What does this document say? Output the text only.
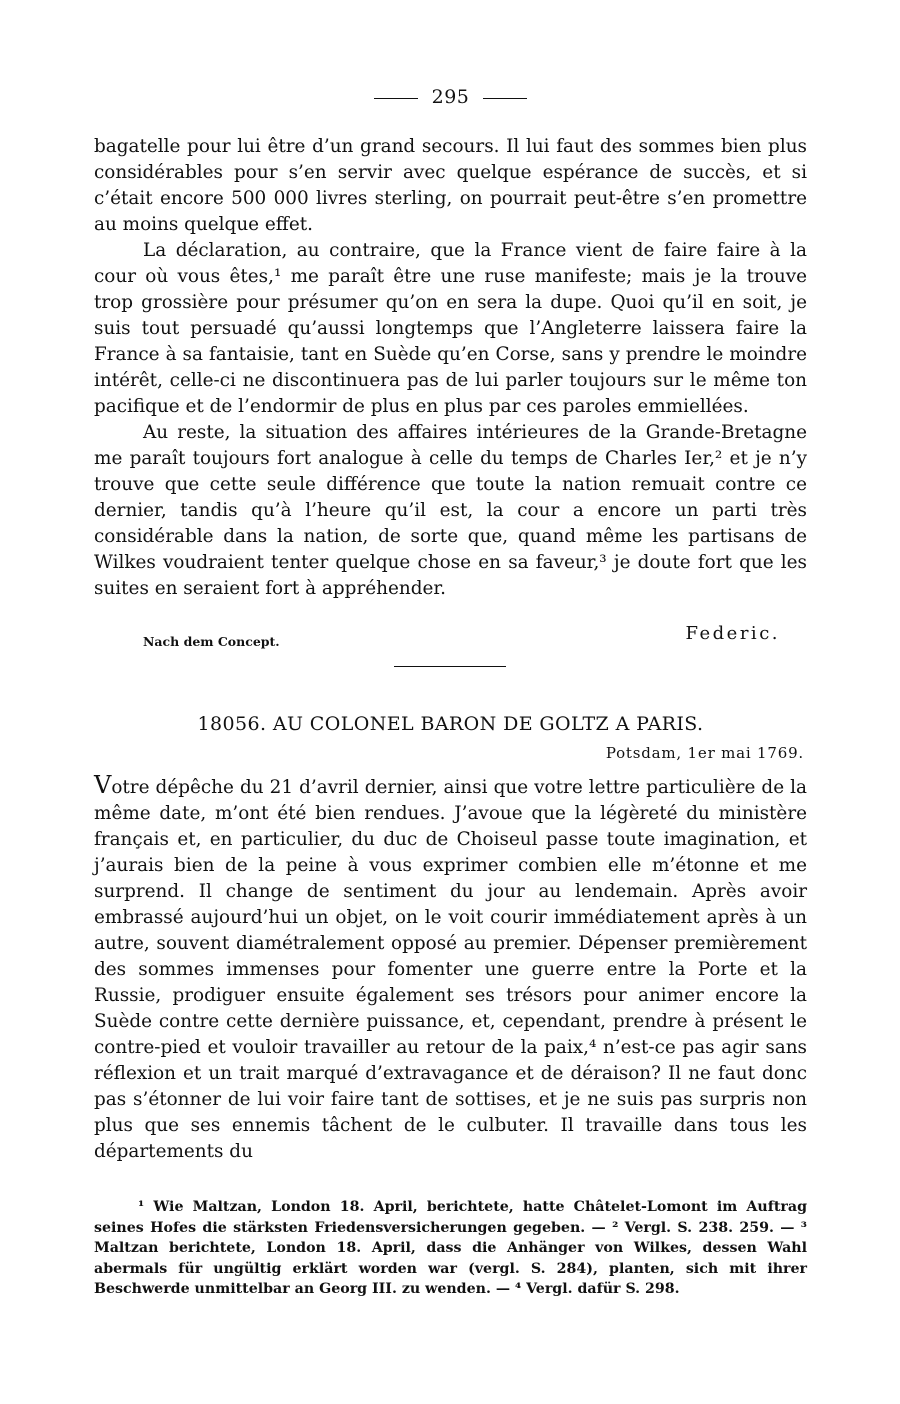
295

bagatelle pour lui être d’un grand secours. Il lui faut des sommes bien plus considérables pour s’en servir avec quelque espérance de succès, et si c’était encore 500 000 livres sterling, on pourrait peut-être s’en promettre au moins quelque effet.

La déclaration, au contraire, que la France vient de faire faire à la cour où vous êtes,¹ me paraît être une ruse manifeste; mais je la trouve trop grossière pour présumer qu’on en sera la dupe. Quoi qu’il en soit, je suis tout persuadé qu’aussi longtemps que l’Angleterre laissera faire la France à sa fantaisie, tant en Suède qu’en Corse, sans y prendre le moindre intérêt, celle-ci ne discontinuera pas de lui parler toujours sur le même ton pacifique et de l’endormir de plus en plus par ces paroles emmiellées.

Au reste, la situation des affaires intérieures de la Grande-Bretagne me paraît toujours fort analogue à celle du temps de Charles Ier,² et je n’y trouve que cette seule différence que toute la nation remuait contre ce dernier, tandis qu’à l’heure qu’il est, la cour a encore un parti très considérable dans la nation, de sorte que, quand même les partisans de Wilkes voudraient tenter quelque chose en sa faveur,³ je doute fort que les suites en seraient fort à appréhender.

Nach dem Concept.	Federic.
18056. AU COLONEL BARON DE GOLTZ A PARIS.
Potsdam, 1er mai 1769.

Votre dépêche du 21 d’avril dernier, ainsi que votre lettre particulière de la même date, m’ont été bien rendues. J’avoue que la légèreté du ministère français et, en particulier, du duc de Choiseul passe toute imagination, et j’aurais bien de la peine à vous exprimer combien elle m’étonne et me surprend. Il change de sentiment du jour au lendemain. Après avoir embrassé aujourd’hui un objet, on le voit courir immédiatement après à un autre, souvent diamétralement opposé au premier. Dépenser premièrement des sommes immenses pour fomenter une guerre entre la Porte et la Russie, prodiguer ensuite également ses trésors pour animer encore la Suède contre cette dernière puissance, et, cependant, prendre à présent le contre-pied et vouloir travailler au retour de la paix,⁴ n’est-ce pas agir sans réflexion et un trait marqué d’extravagance et de déraison? Il ne faut donc pas s’étonner de lui voir faire tant de sottises, et je ne suis pas surpris non plus que ses ennemis tâchent de le culbuter. Il travaille dans tous les départements du

¹ Wie Maltzan, London 18. April, berichtete, hatte Châtelet-Lomont im Auftrag seines Hofes die stärksten Friedensversicherungen gegeben. — ² Vergl. S. 238. 259. — ³ Maltzan berichtete, London 18. April, dass die Anhänger von Wilkes, dessen Wahl abermals für ungültig erklärt worden war (vergl. S. 284), planten, sich mit ihrer Beschwerde unmittelbar an Georg III. zu wenden. — ⁴ Vergl. dafür S. 298.
